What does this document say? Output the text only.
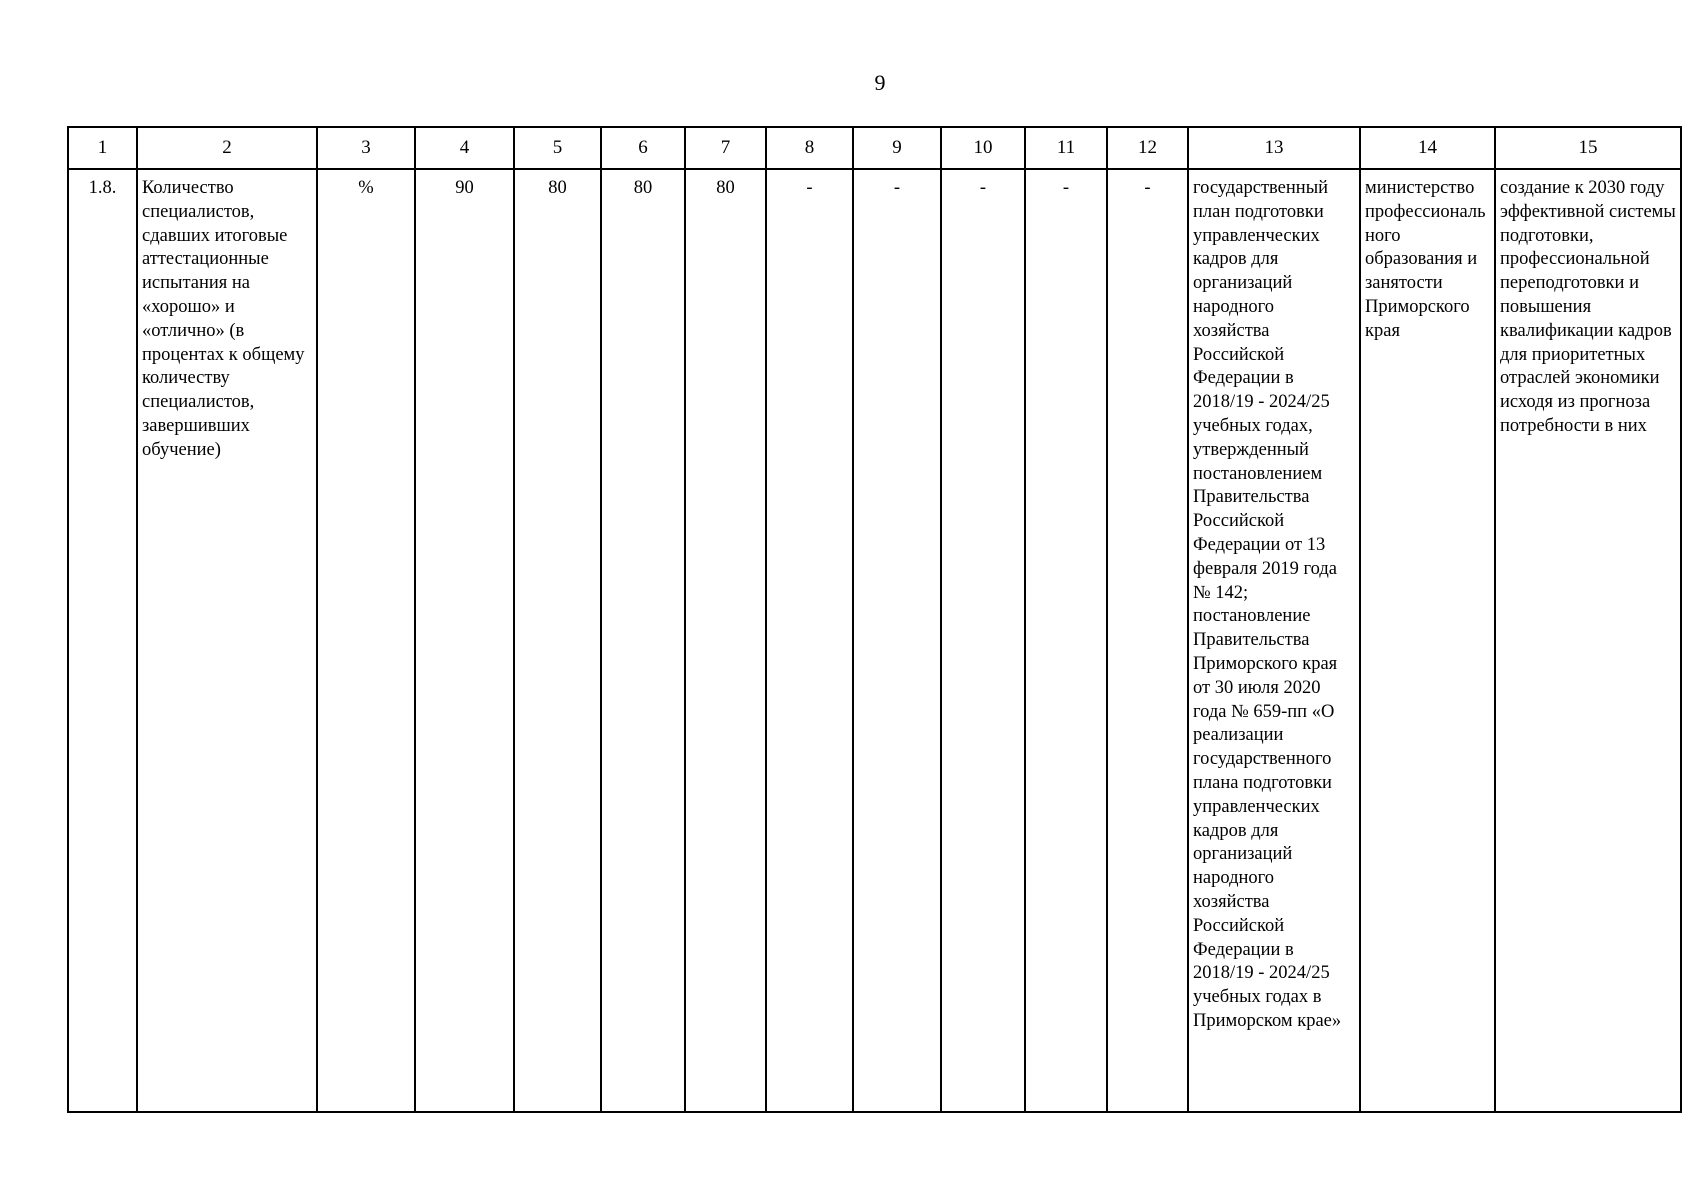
9
1	2	3	4	5	6	7	8	9	10	11	12	13	14	15
1.8.	Количество специалистов, сдавших итоговые аттестационные испытания на «хорошо» и «отлично» (в процентах к общему количеству специалистов, завершивших обучение)	%	90	80	80	80	-	-	-	-	-	государственный план подготовки управленческих кадров для организаций народного хозяйства Российской Федерации в 2018/19 - 2024/25 учебных годах, утвержденный постановлением Правительства Российской Федерации от 13 февраля 2019 года № 142; постановление Правительства Приморского края от 30 июля 2020 года № 659-пп «О реализации государственного плана подготовки управленческих кадров для организаций народного хозяйства Российской Федерации в 2018/19 - 2024/25 учебных годах в Приморском крае»	министерство профессионального образования и занятости Приморского края	создание к 2030 году эффективной системы подготовки, профессиональной переподготовки и повышения квалификации кадров для приоритетных отраслей экономики исходя из прогноза потребности в них
